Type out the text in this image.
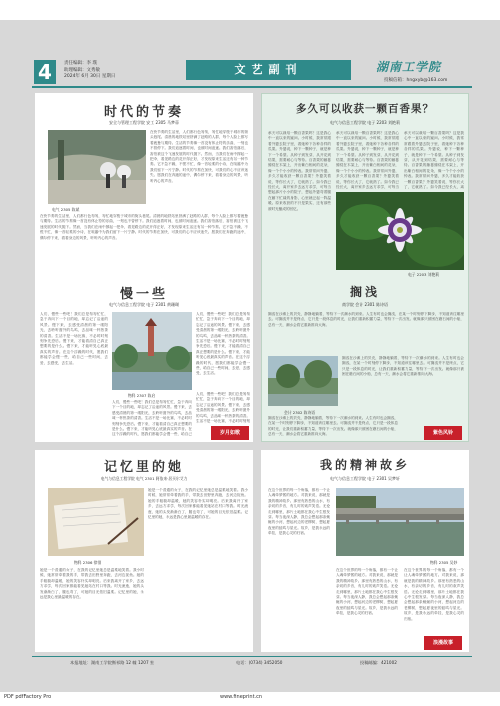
4	责任编辑：李 璞
助理编辑：文秀敏
2024年 6月 30日 星期日
文艺副刊	湖南工学院
投稿信箱：hngxyb@163.com
时代的节奏
安全与管理工程学院 安工 2305 马梦蒂
电气 2305 陈斌
在快节奏的生活里，人们都行色匆匆，匆忙地穿梭于城市的街头巷尾。清晨的地铁站里挤满了赶路的人群，每个人脸上都写着疲惫与期待。生活的节奏像一首没有休止符的乐曲，一刻也不曾停下。我们追逐着时间，也被时间追逐。我们害怕落后，害怕被这个飞速发展的时代抛下。然而，当我们在雨中撑起一把伞，看见路边的花开得正好，才发现原来生活还有另一种节奏。它不急不躁，不慌不忙，像一首轻柔的小诗，在喧嚣中为我们留下一片宁静。时代的节奏在加快，可我们的心不应该迷失。愿我们在奔跑的途中，偶尔停下来，看看身边的风景，听听内心的声音。
在快节奏的生活里，人们都行色匆匆，匆忙地穿梭于城市的街头巷尾。清晨的地铁站里挤满了赶路的人群，每个人脸上都写着疲惫与期待。生活的节奏像一首没有休止符的乐曲，一刻也不曾停下。我们追逐着时间，也被时间追逐。我们害怕落后，害怕被这个飞速发展的时代抛下。然而，当我们在雨中撑起一把伞，看见路边的花开得正好，才发现原来生活还有另一种节奏。它不急不躁，不慌不忙，像一首轻柔的小诗，在喧嚣中为我们留下一片宁静。时代的节奏在加快，可我们的心不应该迷失。愿我们在奔跑的途中，偶尔停下来，看看身边的风景，听听内心的声音。
慢一些
电气与信息工程学院 电子 2301 黄珊瑚
人们，慢些一些吧！我们总是匆匆忙忙，急于奔向下一个目的地，却忘记了沿途的风景。慢下来，去感受清晨的第一缕阳光，去聆听窗外的鸟鸣，去品味一杯热茶的清香。生活不是一场比赛，不必时时刻刻争先恐后。慢下来，才能看清自己真正想要的是什么。慢下来，才能听见心底最真实的声音。在这个浮躁的时代，愿我们都能学会慢一些，给自己一些时间，去爱，去感受，去生活。
物科 2307 陈启
人们，慢些一些吧！我们总是匆匆忙忙，急于奔向下一个目的地，却忘记了沿途的风景。慢下来，去感受清晨的第一缕阳光，去聆听窗外的鸟鸣，去品味一杯热茶的清香。生活不是一场比赛，不必时时刻刻争先恐后。慢下来，才能看清自己真正想要的是什么。慢下来，才能听见心底最真实的声音。在这个浮躁的时代，愿我们都能学会慢一些，给自己一些时间，去爱，去感受，去生活。
人们，慢些一些吧！我们总是匆匆忙忙，急于奔向下一个目的地，却忘记了沿途的风景。慢下来，去感受清晨的第一缕阳光，去聆听窗外的鸟鸣，去品味一杯热茶的清香。生活不是一场比赛，不必时时刻刻争先恐后。慢下来，才能看清自己真正想要的是什么。慢下来，才能听见心底最真实的声音。在这个浮躁的时代，愿我们都能学会慢一些，给自己
人们，慢些一些吧！我们总是匆匆忙忙，急于奔向下一个目的地，却忘记了沿途的风景。慢下来，去感受清晨的第一缕阳光，去聆听窗外的鸟鸣，去品味一杯热茶的清香。生活不是一场比赛，不必时时刻刻
岁月如歌
多久可以收获一颗百香果？
电气与信息工程学院 电子 2203 刘艳莉
承天可以栽培一颗百香果吗？这是我心中一直以来的疑问。小时候，我常常跟着外婆去院子里，看她种下各种各样的瓜果。外婆说，种下一颗种子，就是种下一个希望。从种子到发芽，从开花到结果，需要耐心与等待。百香果的藤蔓缠绕在木架上，开出紫白相间的花朵，像一个个小小的钟表。我常常问外婆，多久才能收获一颗百香果？外婆笑着说，等你长大了，它就熟了。如今我已经长大，离开家乡去远方求学，可每当想起那片小小的院子，想起外婆弯着腰在藤下忙碌的身影，心里就泛起一阵温暖。原来收获的不只是果实，还有那些被时光酿成的回忆。
承天可以栽培一颗百香果吗？这是我心中一直以来的疑问。小时候，我常常跟着外婆去院子里，看她种下各种各样的瓜果。外婆说，种下一颗种子，就是种下一个希望。从种子到发芽，从开花到结果，需要耐心与等待。百香果的藤蔓缠绕在木架上，开出紫白相间的花朵，像一个个小小的钟表。我常常问外婆，多久才能收获一颗百香果？外婆笑着说，等你长大了，它就熟了。如今我已经长大，离开家乡去远方求学，可每当
承天可以栽培一颗百香果吗？这是我心中一直以来的疑问。小时候，我常常跟着外婆去院子里，看她种下各种各样的瓜果。外婆说，种下一颗种子，就是种下一个希望。从种子到发芽，从开花到结果，需要耐心与等待。百香果的藤蔓缠绕在木架上，开出紫白相间的花朵，像一个个小小的钟表。我常常问外婆，多久才能收获一颗百香果？外婆笑着说，等你长大了，它就熟了。如今我已经长大，离
电子 2203 刘艳莉
搁浅
商学院 会计 2301 陈诗语
搁浅在沙滩上的贝壳，静静地躺着，等待下一次潮水的到来。人生有时也会搁浅，在某一个时刻停下脚步，不知道该往哪里去。可搁浅并不是终点，它只是一段休息的时光，让我们重新积蓄力量，等待下一次出发。就像那只被困在礁石间的小船，总有一天，潮水会将它重新推向大海。
会计 2302 陈诗语
搁浅在沙滩上的贝壳，静静地躺着，等待下一次潮水的到来。人生有时也会搁浅，在某一个时刻停下脚步，不知道该往哪里去。可搁浅并不是终点，它只是一段休息的时光，让我们重新积蓄力量，等待下一次出发。就像那只被困在礁石间的小船，总有一天，潮水会将它重新推向大海。
搁浅在沙滩上的贝壳，静静地躺着，等待下一次潮水的到来。人生有时也会搁浅，在某一个时刻停下脚步，不知道该往哪里去。可搁浅并不是终点，它只是一段休息的时光，让我们重新积蓄力量，等待下一次出发。就像那只被困在礁石间的小船，总有一天，潮水会将它重新推向大海。	紫色风铃
记忆里的她
电气与信息工程学院 电气 2301 阿依来·居买尔艾力
物科 2306 徐翎
她是一个普通的女子，在我的记忆里她总是温柔地笑着。我小时候，她常常牵着我的手，带我去田野里奔跑，去河边捉鱼。她的手粗糙却温暖，她的笑容朴实却明亮。后来我离开了家乡，去远方求学，每次回家都能看见她站在村口等我。时光流逝，她的头发渐渐白了，腰也弯了，可她的目光依旧温柔。记忆里的她，永远是我心里最温暖的存在。
她是一个普通的女子，在我的记忆里她总是温柔地笑着。我小时候，她常常牵着我的手，带我去田野里奔跑，去河边捉鱼。她的手粗糙却温暖，她的笑容朴实却明亮。后来我离开了家乡，去远方求学，每次回家都能看见她站在村口等我。时光流逝，她的头发渐渐白了，腰也弯了，可她的目光依旧温柔。记忆里的她，永远是我心里最温暖的存在。
我的精神故乡
电气与信息工程学院 电子 2301 吴梦轩
在这个世界的每一个角落，都有一个让人魂牵梦萦的地方。对我来说，那就是我的精神故乡。那里有熟悉的山水，有亲切的乡音，有儿时的欢声笑语。无论走到哪里，那片土地都在我心中生根发芽。每当夜深人静，我总会想起那条蜿蜒的小河，想起河边的老柳树，想起夏夜里的蛙鸣与星光。故乡，是我永远的牵挂，是我心灵的归宿。
物科 2305 吴妙
在这个世界的每一个角落，都有一个让人魂牵梦萦的地方。对我来说，那就是我的精神故乡。那里有熟悉的山水，有亲切的乡音，有儿时的欢声笑语。无论走到哪里，那片土地都在我心中生根发芽。每当夜深人静，我总会想起那条蜿蜒的小河，想起河边的老柳树，想起夏夜里的蛙鸣与星光。故乡，是我永远的牵挂，是我心灵的归宿。
在这个世界的每一个角落，都有一个让人魂牵梦萦的地方。对我来说，那就是我的精神故乡。那里有熟悉的山水，有亲切的乡音，有儿时的欢声笑语。无论走到哪里，那片土地都在我心中生根发芽。每当夜深人静，我总会想起那条蜿蜒的小河，想起河边的老柳树，想起夏夜里的蛙鸣与星光。故乡，是我永远的牵挂，是我心灵的归宿。
浪漫故事
本报地址：湖南工学院衡祁路 12 幢 1207 室	电话：(0734) 3452050	投稿邮编：421002
PDF pdfFactory Pro	www.fineprint.cn
